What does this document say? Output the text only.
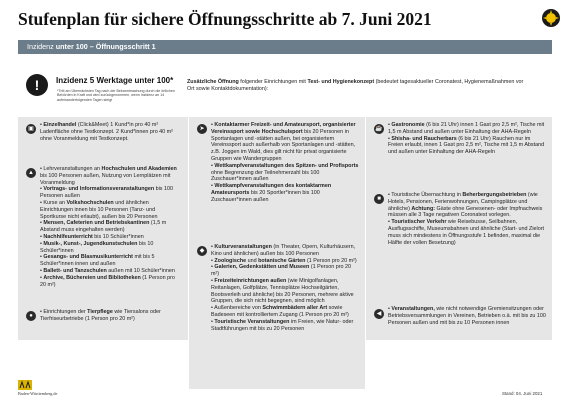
Stufenplan für sichere Öffnungsschritte ab 7. Juni 2021
Inzidenz unter 100 – Öffnungsschritt 1
!	Inzidenz 5 Werktage unter 100*
*Tritt am Übernächsten Tag nach der Bekanntmachung durch die örtlichen Behörden in Kraft und wird zurückgenommen, wenn Inzidenz an 14 aufeinanderfolgenden Tagen steigt
Zusätzliche Öffnung folgender Einrichtungen mit Test- und Hygienekonzept (bedeutet tagesaktueller Coronatest, Hygienemaßnahmen vor Ort sowie Kontaktdokumentation):
▣
• Einzelhandel (Click&Meet) 1 Kund*in pro 40 m² Ladenfläche ohne Testkonzept. 2 Kund*innen pro 40 m² ohne Voranmeldung mit Testkonzept.
▲
• Lehrveranstaltungen an Hochschulen und Akademien bis 100 Personen außen, Nutzung von Lernplätzen mit Voranmeldung
• Vortrags- und Informationsveranstaltungen bis 100 Personen außen
• Kurse an Volkshochschulen und ähnlichen Einrichtungen innen bis 10 Personen (Tanz- und Sportkurse nicht erlaubt), außen bis 20 Personen
• Mensen, Cafeterien und Betriebskantinen (1,5 m Abstand muss eingehalten werden)
• Nachhilfeunterricht bis 10 Schüler*innen
• Musik-, Kunst-, Jugendkunstschulen bis 10 Schüler*innen
• Gesangs- und Blasmusikunterricht mit bis 5 Schüler*innen innen und außen
• Ballett- und Tanzschulen außen mit 10 Schüler*innen
• Archive, Büchereien und Bibliotheken (1 Person pro 20 m²)
●
• Einrichtungen der Tierpflege wie Tiersalons oder Tierfriseurbetriebe (1 Person pro 20 m²)
➤
• Kontaktarmer Freizeit- und Amateursport, organisierter Vereinssport sowie Hochschulsport bis 20 Personen in Sportanlagen und -stätten außen, bei organisiertem Vereinssport auch außerhalb von Sportanlagen und -stätten, z.B. Joggen im Wald, dies gilt nicht für privat organisierte Gruppen wie Wandergruppen
• Wettkampfveranstaltungen des Spitzen- und Profisports ohne Begrenzung der Teilnehmerzahl bis 100 Zuschauer*innen außen
• Wettkampfveranstaltungen des kontaktarmen Amateursports bis 20 Sportler*innen bis 100 Zuschauer*innen außen
◆
• Kulturveranstaltungen (in Theater, Opern, Kulturhäusern, Kino und ähnlichen) außen bis 100 Personen
• Zoologische und botanische Gärten (1 Person pro 20 m²)
• Galerien, Gedenkstätten und Museen (1 Person pro 20 m²)
• Freizeiteinrichtungen außen (wie Minigolfanlagen, Reitanlagen, Golfplätze, Tennisplätze Hochseilgärten, Bootsverleih und ähnliche) bis 20 Personen, mehrere aktive Gruppen, die sich nicht begegnen, sind möglich
• Außenbereiche von Schwimmbädern aller Art sowie Badeseen mit kontrolliertem Zugang (1 Person pro 20 m²)
• Touristische Veranstaltungen im Freien, wie Natur- oder Stadtführungen mit bis zu 20 Personen
☕
• Gastronomie (6 bis 21 Uhr) innen 1 Gast pro 2,5 m², Tische mit 1,5 m Abstand und außen unter Einhaltung der AHA-Regeln
• Shisha- und Raucherbars (6 bis 21 Uhr) Rauchen nur im Freien erlaubt, innen 1 Gast pro 2,5 m², Tische mit 1,5 m Abstand und außen unter Einhaltung der AHA-Regeln
■
• Touristische Übernachtung in Beherbergungsbetrieben (wie Hotels, Pensionen, Ferienwohnungen, Campingplätze und ähnliche) Achtung: Gäste ohne Genesenen- oder Impfnachweis müssen alle 3 Tage negativen Coronatest vorlegen.
• Touristischer Verkehr wie Reisebusse, Seilbahnen, Ausflugsschiffe, Museumsbahnen und ähnliche (Start- und Zielort muss sich mindestens in Öffnungsstufe 1 befinden, maximal die Hälfte der vollen Besetzung)
◀
• Veranstaltungen, wie nicht notwendige Gremiensitzungen oder Betriebsversammlungen in Vereinen, Betrieben o.ä. mit bis zu 100 Personen außen und mit bis zu 10 Personen innen
Baden-Württemberg.de	Stand: 04. Juni 2021
